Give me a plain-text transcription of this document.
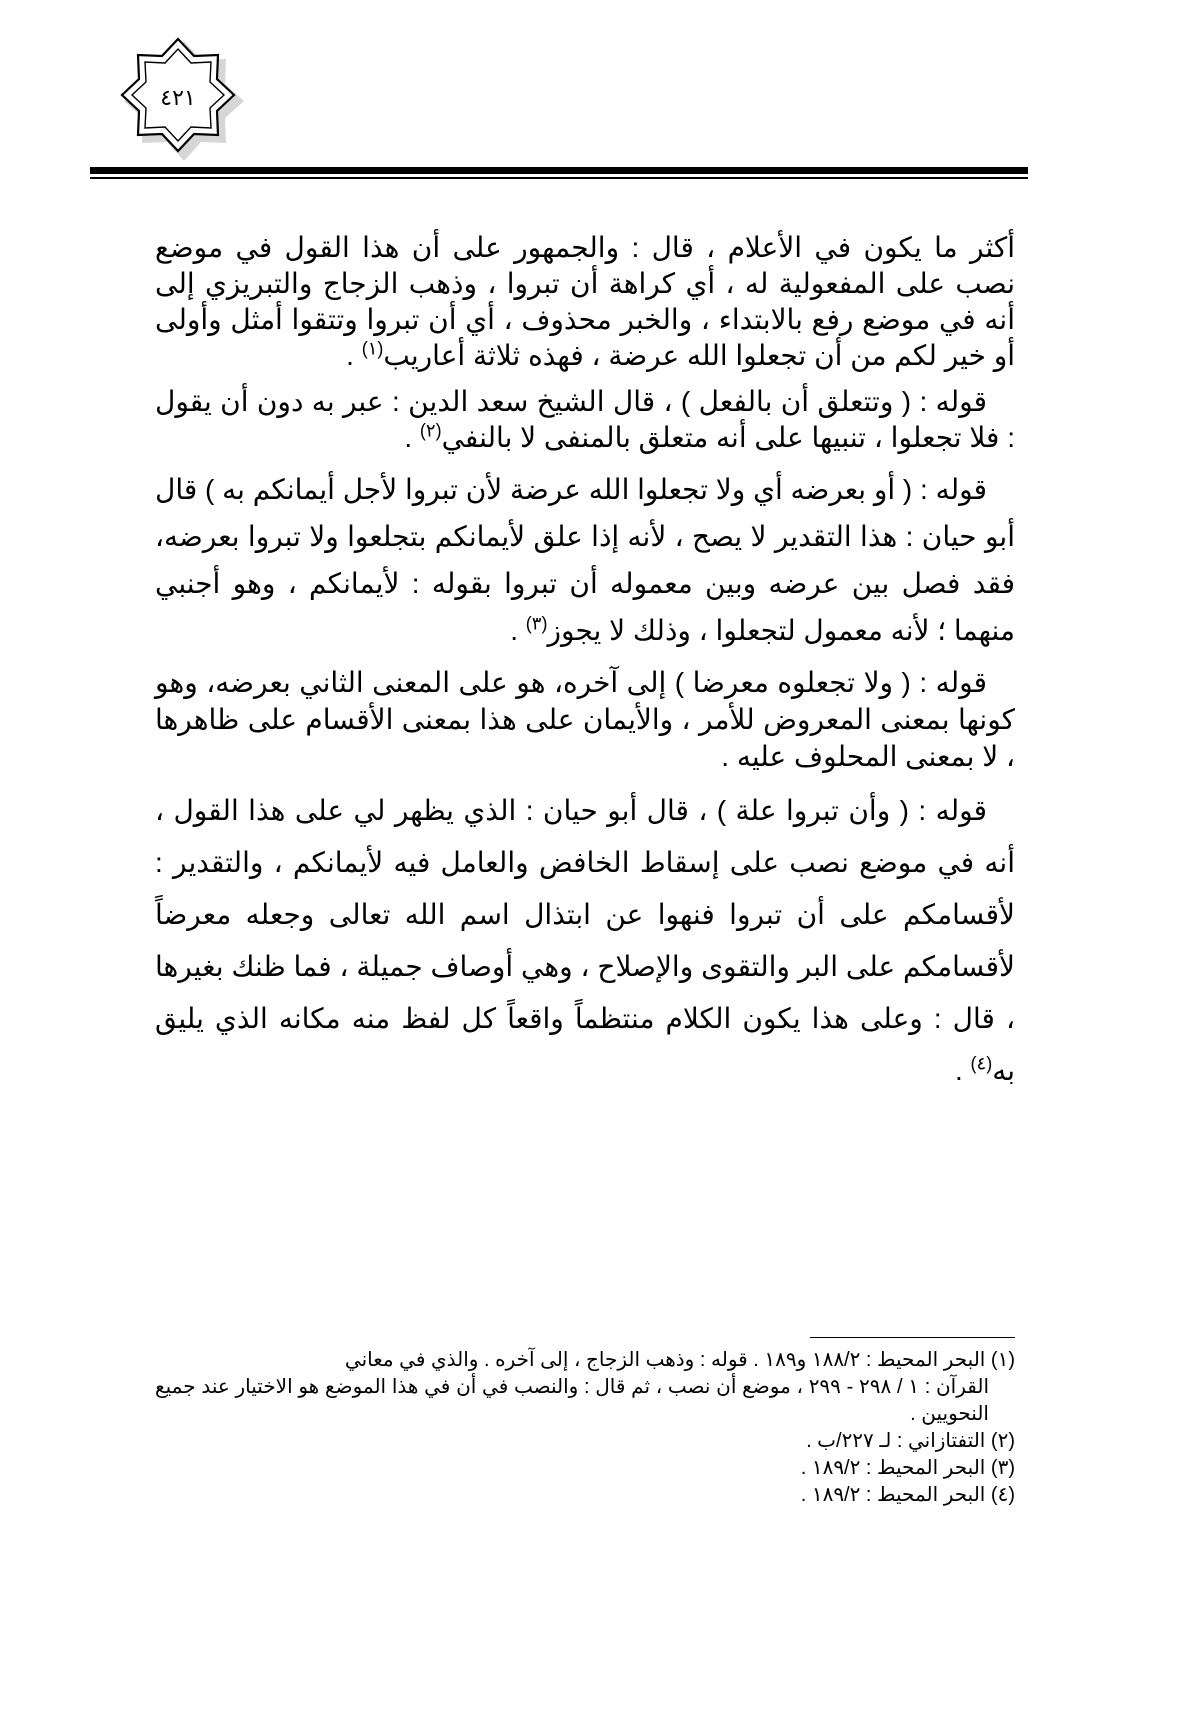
٤٢١

أكثر ما يكون في الأعلام ، قال : والجمهور على أن هذا القول في موضع نصب على المفعولية له ، أي كراهة أن تبروا ، وذهب الزجاج والتبريزي إلى أنه في موضع رفع بالابتداء ، والخبر محذوف ، أي أن تبروا وتتقوا أمثل وأولى أو خير لكم من أن تجعلوا الله عرضة ، فهذه ثلاثة أعاريب$^{(١)}$ .

قوله : ( وتتعلق أن بالفعل ) ، قال الشيخ سعد الدين : عبر به دون أن يقول : فلا تجعلوا ، تنبيها على أنه متعلق بالمنفى لا بالنفي$^{(٢)}$ .

قوله : ( أو بعرضه أي ولا تجعلوا الله عرضة لأن تبروا لأجل أيمانكم به ) قال أبو حيان : هذا التقدير لا يصح ، لأنه إذا علق لأيمانكم بتجلعوا ولا تبروا بعرضه، فقد فصل بين عرضه وبين معموله أن تبروا بقوله : لأيمانكم ، وهو أجنبي منهما ؛ لأنه معمول لتجعلوا ، وذلك لا يجوز$^{(٣)}$ .

قوله : ( ولا تجعلوه معرضا ) إلى آخره، هو على المعنى الثاني بعرضه، وهو كونها بمعنى المعروض للأمر ، والأيمان على هذا بمعنى الأقسام على ظاهرها ، لا بمعنى المحلوف عليه .

قوله : ( وأن تبروا علة ) ، قال أبو حيان : الذي يظهر لي على هذا القول ، أنه في موضع نصب على إسقاط الخافض والعامل فيه لأيمانكم ، والتقدير : لأقسامكم على أن تبروا فنهوا عن ابتذال اسم الله تعالى وجعله معرضاً لأقسامكم على البر والتقوى والإصلاح ، وهي أوصاف جميلة ، فما ظنك بغيرها ، قال : وعلى هذا يكون الكلام منتظماً واقعاً كل لفظ منه مكانه الذي يليق به$^{(٤)}$ .

(١) البحر المحيط : ١٨٨/٢ و١٨٩ . قوله : وذهب الزجاج ، إلى آخره . والذي في معاني

القرآن : ١ / ٢٩٨ - ٢٩٩ ، موضع أن نصب ، ثم قال : والنصب في أن في هذا الموضع هو الاختيار عند جميع النحويين .

(٢) التفتازاني : لـ ٢٢٧/ب .

(٣) البحر المحيط : ١٨٩/٢ .

(٤) البحر المحيط : ١٨٩/٢ .
